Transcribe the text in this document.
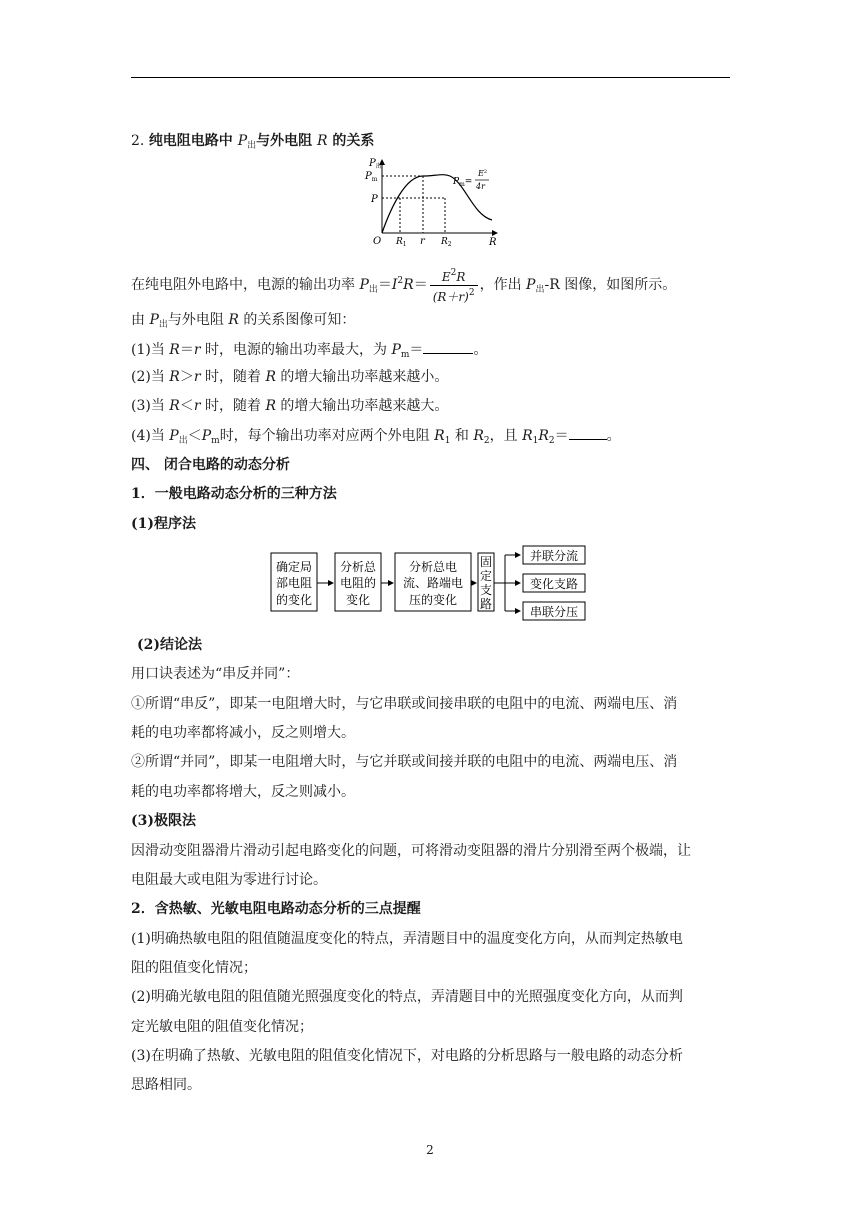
2. 纯电阻电路中 $P_出$与外电阻 R 的关系
$P_出$
$P_m$
P
O $R_1$ r $R_2$	R
$P_m=$
$E^2$
4r
在纯电阻外电路中，电源的输出功率 $P_出=I^2R= \frac{E^2R}{(R+r)^2}$ ，作出 $P_出-R$ 图像，如图所示。
由 $P_出$与外电阻 R 的关系图像可知：
(1)当 R＝r 时，电源的输出功率最大，为 $P_m=$	。
(2)当 R＞r 时，随着 R 的增大输出功率越来越小。
(3)当 R＜r 时，随着 R 的增大输出功率越来越大。
(4)当 $P_出<P_m$时，每个输出功率对应两个外电阻 $R_1$ 和 $R_2$，且 $R_1R_2=$	。
四、 闭合电路的动态分析
1．一般电路动态分析的三种方法
(1)程序法
确定局
部电阻
的变化
分析总
电阻的
变化
分析总电
流、路端电
压的变化
固
定
支
路
并联分流
变化支路
串联分压
(2)结论法
用口诀表述为“串反并同”：
①所谓“串反”，即某一电阻增大时，与它串联或间接串联的电阻中的电流、两端电压、消
耗的电功率都将减小，反之则增大。
②所谓“并同”，即某一电阻增大时，与它并联或间接并联的电阻中的电流、两端电压、消
耗的电功率都将增大，反之则减小。
(3)极限法
因滑动变阻器滑片滑动引起电路变化的问题，可将滑动变阻器的滑片分别滑至两个极端，让
电阻最大或电阻为零进行讨论。
2．含热敏、光敏电阻电路动态分析的三点提醒
(1)明确热敏电阻的阻值随温度变化的特点，弄清题目中的温度变化方向，从而判定热敏电
阻的阻值变化情况；
(2)明确光敏电阻的阻值随光照强度变化的特点，弄清题目中的光照强度变化方向，从而判
定光敏电阻的阻值变化情况；
(3)在明确了热敏、光敏电阻的阻值变化情况下，对电路的分析思路与一般电路的动态分析
思路相同。
2
